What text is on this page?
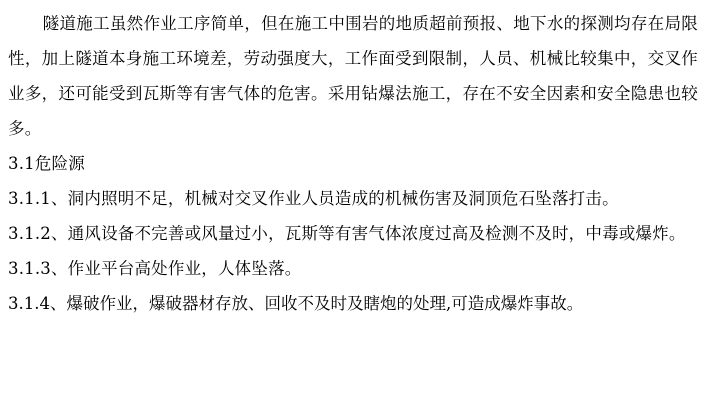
隧道施工虽然作业工序简单，但在施工中围岩的地质超前预报、地下水的探测均存在局限性，加上隧道本身施工环境差，劳动强度大，工作面受到限制，人员、机械比较集中，交叉作业多，还可能受到瓦斯等有害气体的危害。采用钻爆法施工，存在不安全因素和安全隐患也较多。

3.1危险源

3.1.1、洞内照明不足，机械对交叉作业人员造成的机械伤害及洞顶危石坠落打击。

3.1.2、通风设备不完善或风量过小，瓦斯等有害气体浓度过高及检测不及时，中毒或爆炸。

3.1.3、作业平台高处作业，人体坠落。

3.1.4、爆破作业，爆破器材存放、回收不及时及瞎炮的处理,可造成爆炸事故。
